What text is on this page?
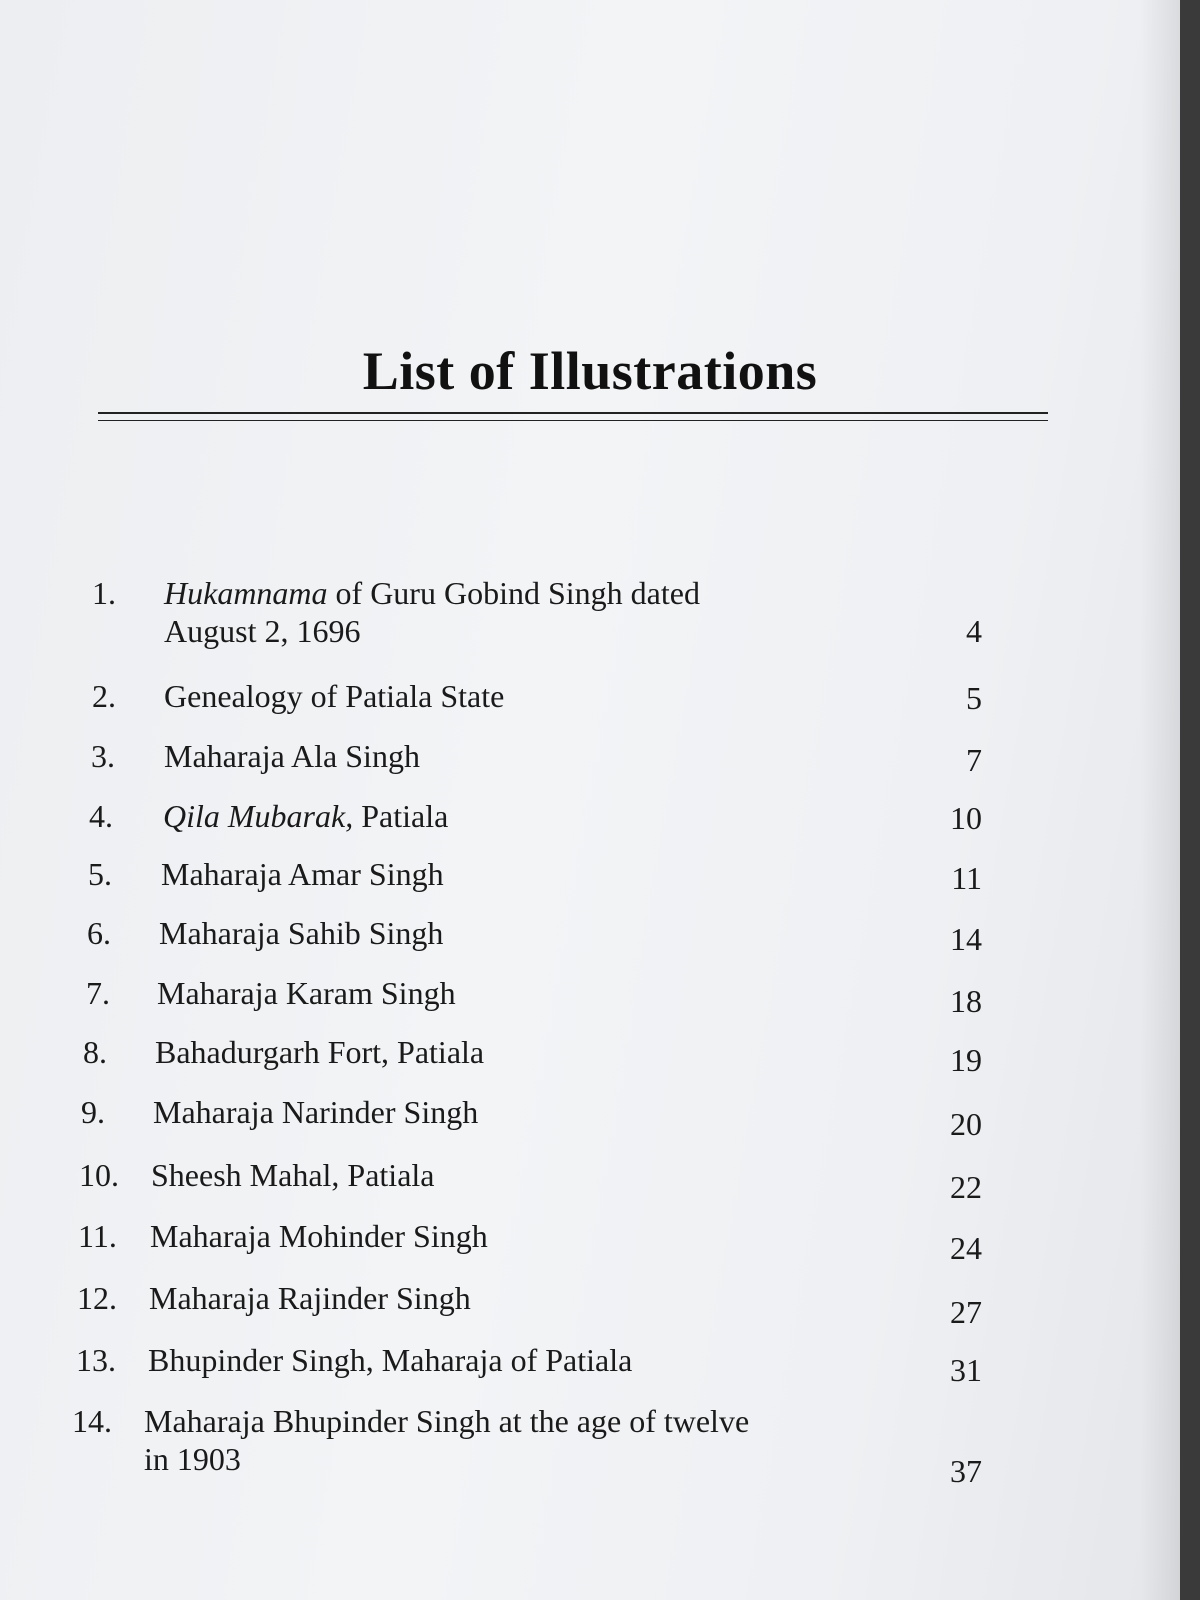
List of Illustrations
1. Hukamnama of Guru Gobind Singh dated
August 2, 1696	4
2. Genealogy of Patiala State	5
3. Maharaja Ala Singh	7
4. Qila Mubarak, Patiala	10
5. Maharaja Amar Singh	11
6. Maharaja Sahib Singh	14
7. Maharaja Karam Singh	18
8. Bahadurgarh Fort, Patiala	19
9. Maharaja Narinder Singh	20
10. Sheesh Mahal, Patiala	22
11. Maharaja Mohinder Singh	24
12. Maharaja Rajinder Singh	27
13. Bhupinder Singh, Maharaja of Patiala	31
14. Maharaja Bhupinder Singh at the age of twelve
in 1903	37
